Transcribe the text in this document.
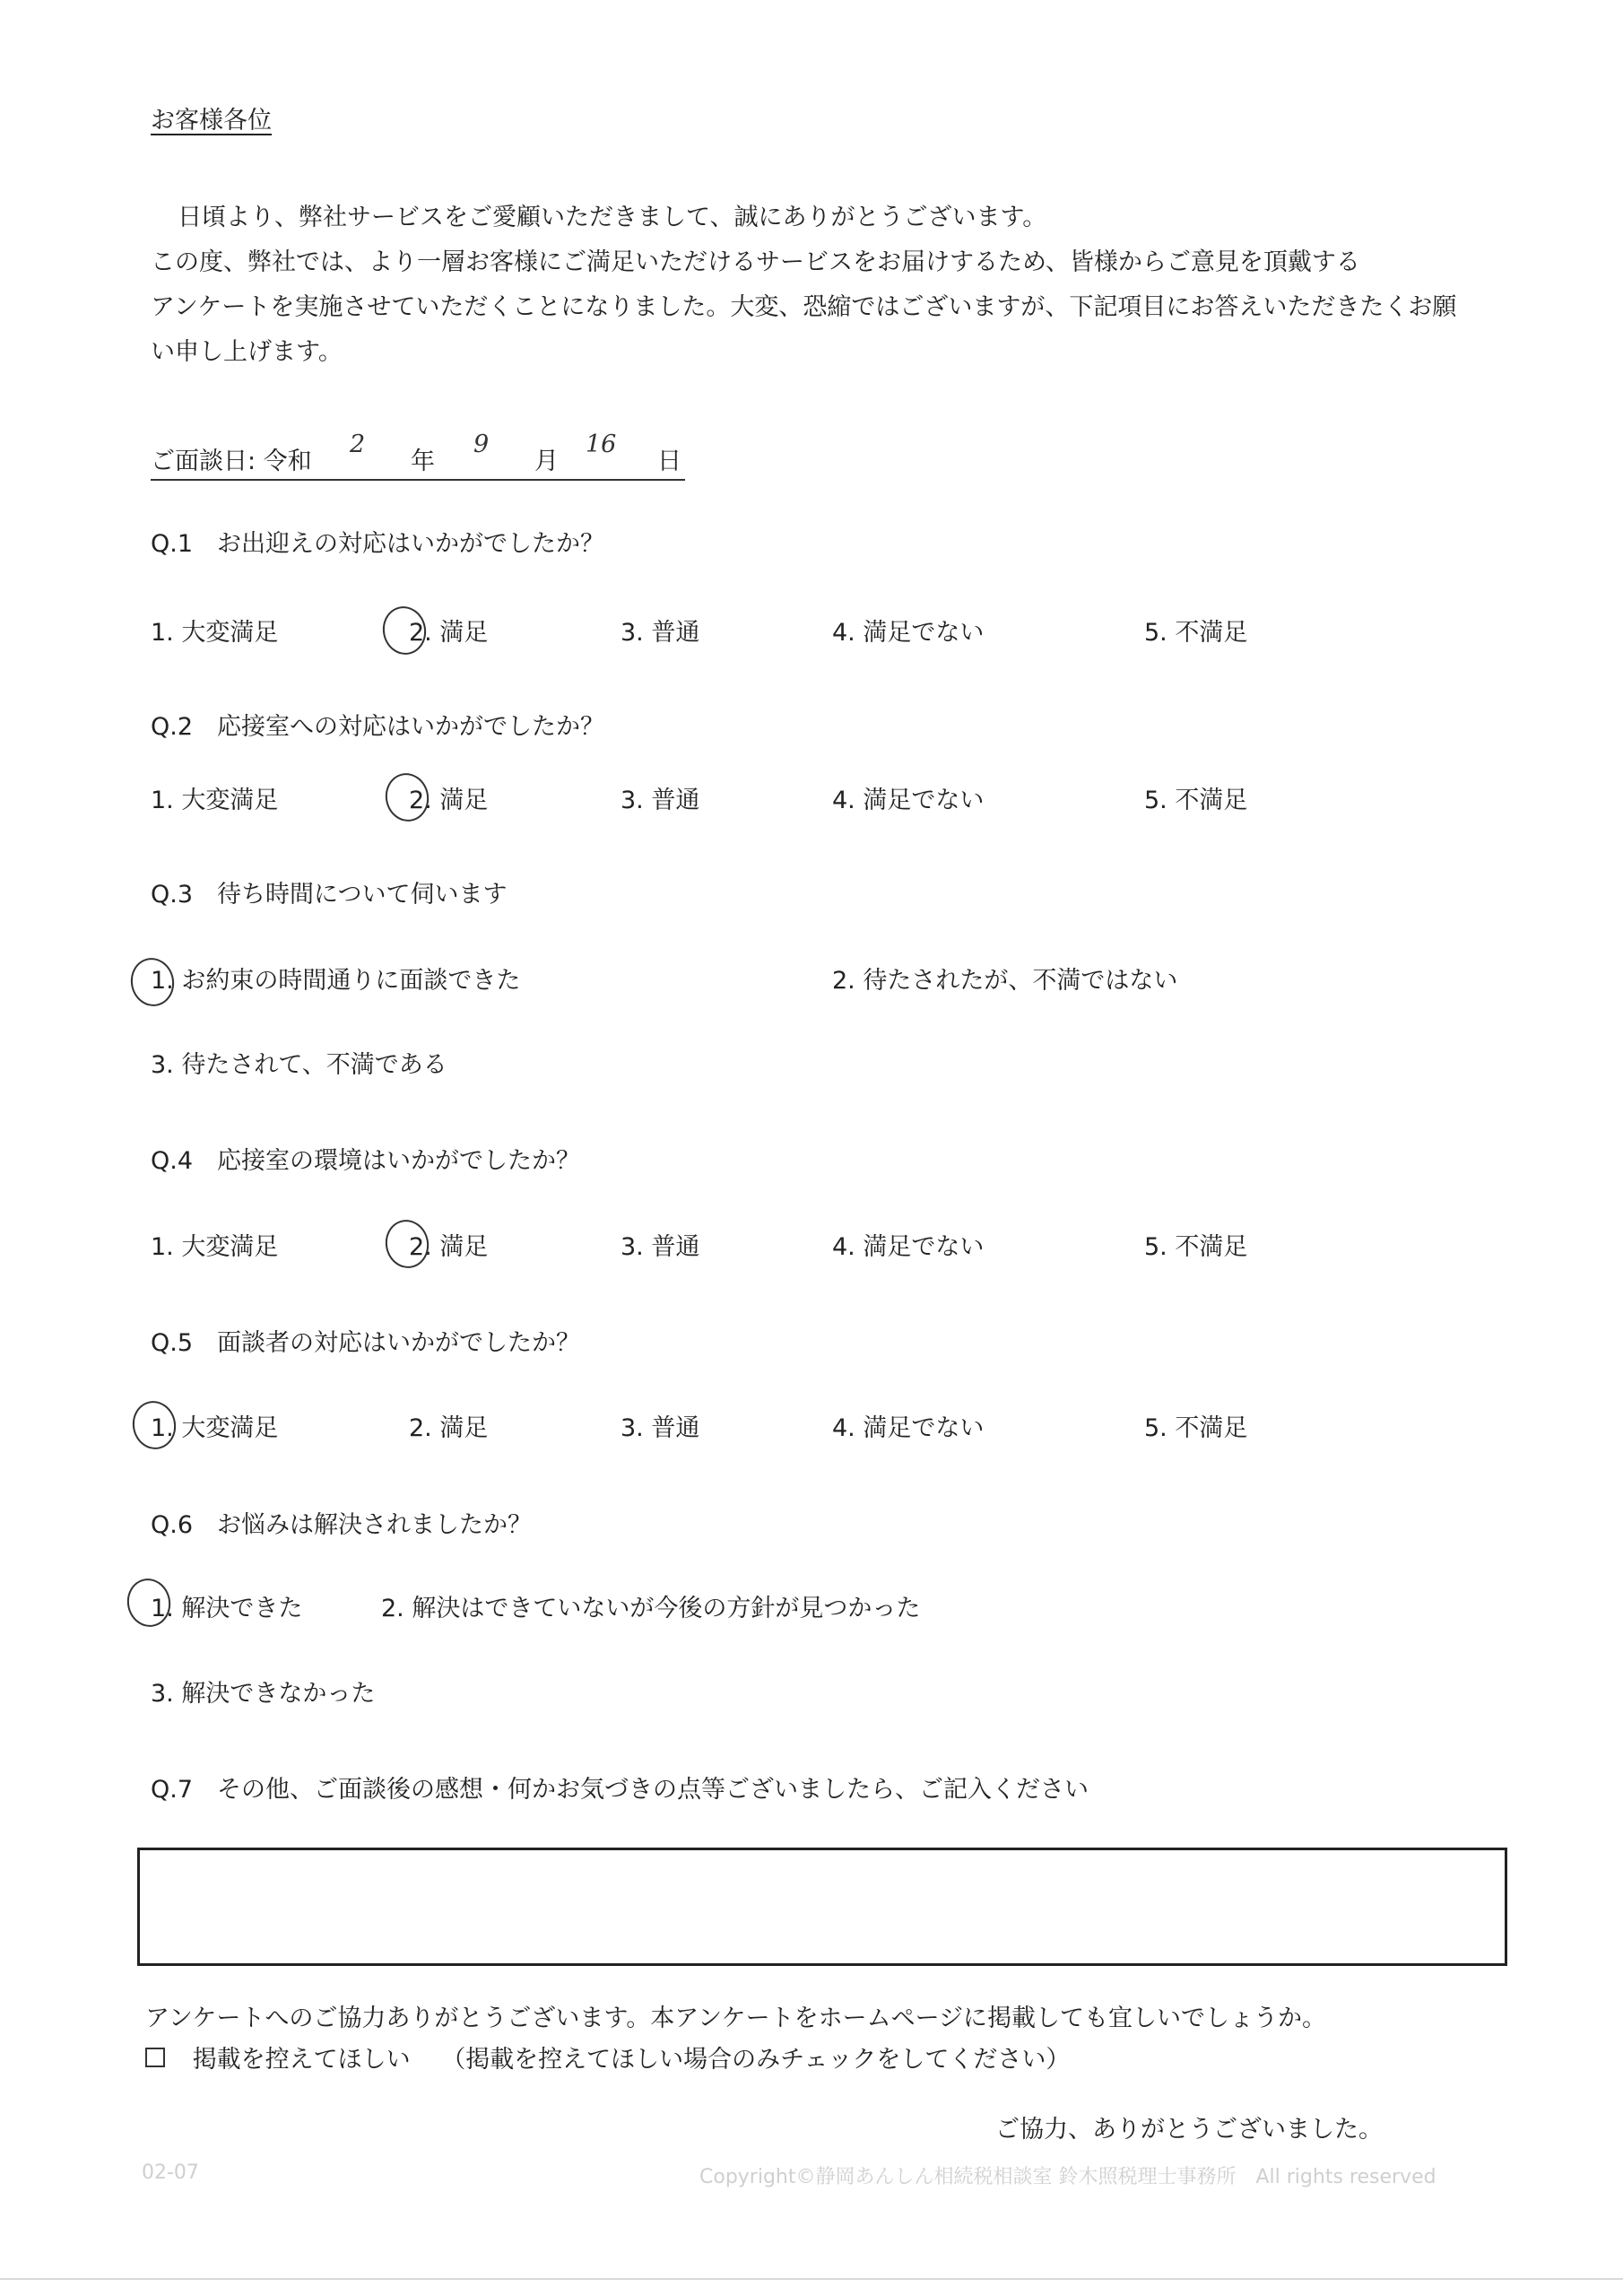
お客様各位
日頃より、弊社サービスをご愛顧いただきまして、誠にありがとうございます。
この度、弊社では、より一層お客様にご満足いただけるサービスをお届けするため、皆様からご意見を頂戴する
アンケートを実施させていただくことになりました。大変、恐縮ではございますが、下記項目にお答えいただきたくお願
い申し上げます。
ご面談日: 令和
2
年
9
月
16
日
Q.1　お出迎えの対応はいかがでしたか？
1. 大変満足	2. 満足	3. 普通	4. 満足でない	5. 不満足
Q.2　応接室への対応はいかがでしたか？
1. 大変満足	2. 満足	3. 普通	4. 満足でない	5. 不満足
Q.3　待ち時間について伺います
1. お約束の時間通りに面談できた	2. 待たされたが、不満ではない
3. 待たされて、不満である
Q.4　応接室の環境はいかがでしたか？
1. 大変満足	2. 満足	3. 普通	4. 満足でない	5. 不満足
Q.5　面談者の対応はいかがでしたか？
1. 大変満足	2. 満足	3. 普通	4. 満足でない	5. 不満足
Q.6　お悩みは解決されましたか？
1. 解決できた	2. 解決はできていないが今後の方針が見つかった
3. 解決できなかった
Q.7　その他、ご面談後の感想・何かお気づきの点等ございましたら、ご記入ください
アンケートへのご協力ありがとうございます。本アンケートをホームページに掲載しても宜しいでしょうか。
掲載を控えてほしい （掲載を控えてほしい場合のみチェックをしてください）
ご協力、ありがとうございました。
02-07	Copyright©静岡あんしん相続税相談室 鈴木照税理士事務所　All rights reserved
